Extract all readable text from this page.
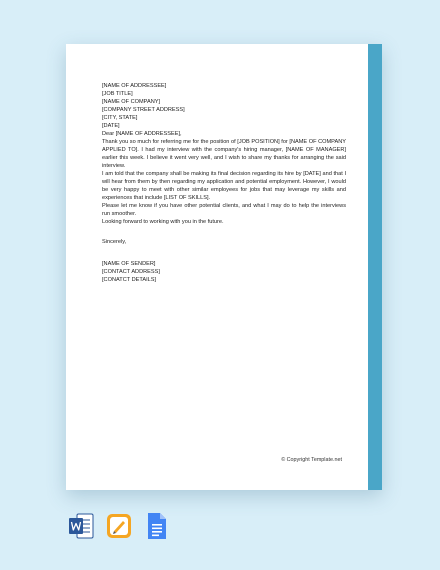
[NAME OF ADDRESSEE]
[JOB TITLE]
[NAME OF COMPANY]
[COMPANY STREET ADDRESS]
[CITY, STATE]

[DATE]

Dear [NAME OF ADDRESSEE],

Thank you so much for referring me for the position of [JOB POSITION] for [NAME OF COMPANY APPLIED TO]. I had my interview with the company's hiring manager, [NAME OF MANAGER] earlier this week. I believe it went very well, and I wish to share my thanks for arranging the said interview.

I am told that the company shall be making its final decision regarding its hire by [DATE] and that I will hear from them by then regarding my application and potential employment. However, I would be very happy to meet with other similar employees for jobs that may leverage my skills and experiences that include [LIST OF SKILLS].

Please let me know if you have other potential clients, and what I may do to help the interviews run smoother.

Looking forward to working with you in the future.

Sincerely,

[NAME OF SENDER]
[CONTACT ADDRESS]
[CONATCT DETAILS]

© Copyright Template.net
